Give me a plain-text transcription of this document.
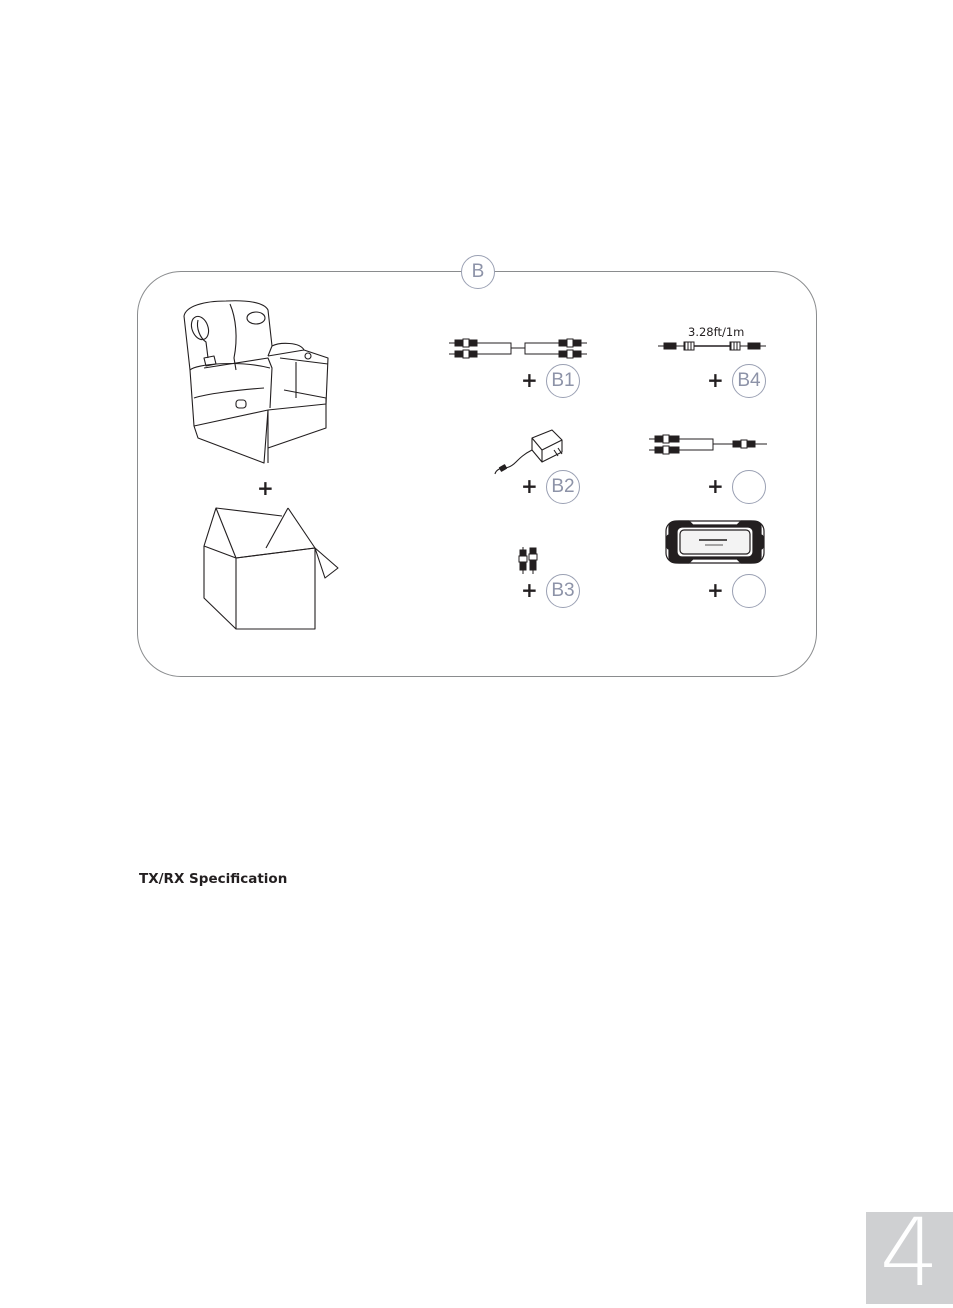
B
+
+ B1
3.28ft/1m
+ B4
+ B2	+
+ B3	+
TX/RX Specification
4
